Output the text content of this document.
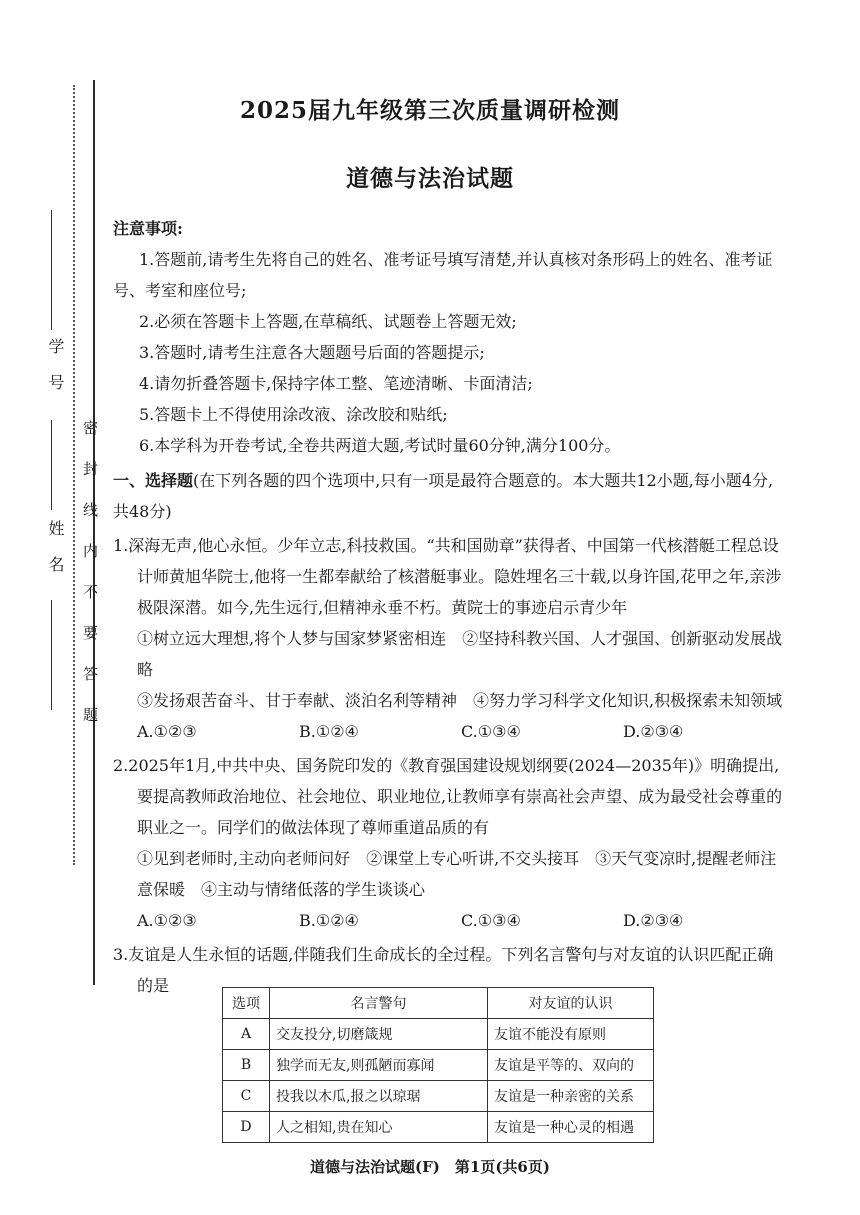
密封线内不要答题
学号
姓名
2025届九年级第三次质量调研检测
道德与法治试题
注意事项:
1.答题前,请考生先将自己的姓名、准考证号填写清楚,并认真核对条形码上的姓名、准考证号、考室和座位号;
2.必须在答题卡上答题,在草稿纸、试题卷上答题无效;
3.答题时,请考生注意各大题题号后面的答题提示;
4.请勿折叠答题卡,保持字体工整、笔迹清晰、卡面清洁;
5.答题卡上不得使用涂改液、涂改胶和贴纸;
6.本学科为开卷考试,全卷共两道大题,考试时量60分钟,满分100分。
一、选择题(在下列各题的四个选项中,只有一项是最符合题意的。本大题共12小题,每小题4分,共48分)
1.深海无声,他心永恒。少年立志,科技救国。“共和国勋章”获得者、中国第一代核潜艇工程总设计师黄旭华院士,他将一生都奉献给了核潜艇事业。隐姓埋名三十载,以身许国,花甲之年,亲涉极限深潜。如今,先生远行,但精神永垂不朽。黄院士的事迹启示青少年
①树立远大理想,将个人梦与国家梦紧密相连　②坚持科教兴国、人才强国、创新驱动发展战略
③发扬艰苦奋斗、甘于奉献、淡泊名利等精神　④努力学习科学文化知识,积极探索未知领域
A.①②③	B.①②④	C.①③④	D.②③④
2.2025年1月,中共中央、国务院印发的《教育强国建设规划纲要(2024—2035年)》明确提出,要提高教师政治地位、社会地位、职业地位,让教师享有崇高社会声望、成为最受社会尊重的职业之一。同学们的做法体现了尊师重道品质的有
①见到老师时,主动向老师问好　②课堂上专心听讲,不交头接耳　③天气变凉时,提醒老师注意保暖　④主动与情绪低落的学生谈谈心
A.①②③	B.①②④	C.①③④	D.②③④
3.友谊是人生永恒的话题,伴随我们生命成长的全过程。下列名言警句与对友谊的认识匹配正确的是
选项	名言警句	对友谊的认识
A	交友投分,切磨箴规	友谊不能没有原则
B	独学而无友,则孤陋而寡闻	友谊是平等的、双向的
C	投我以木瓜,报之以琼琚	友谊是一种亲密的关系
D	人之相知,贵在知心	友谊是一种心灵的相遇
道德与法治试题(F)　第1页(共6页)
